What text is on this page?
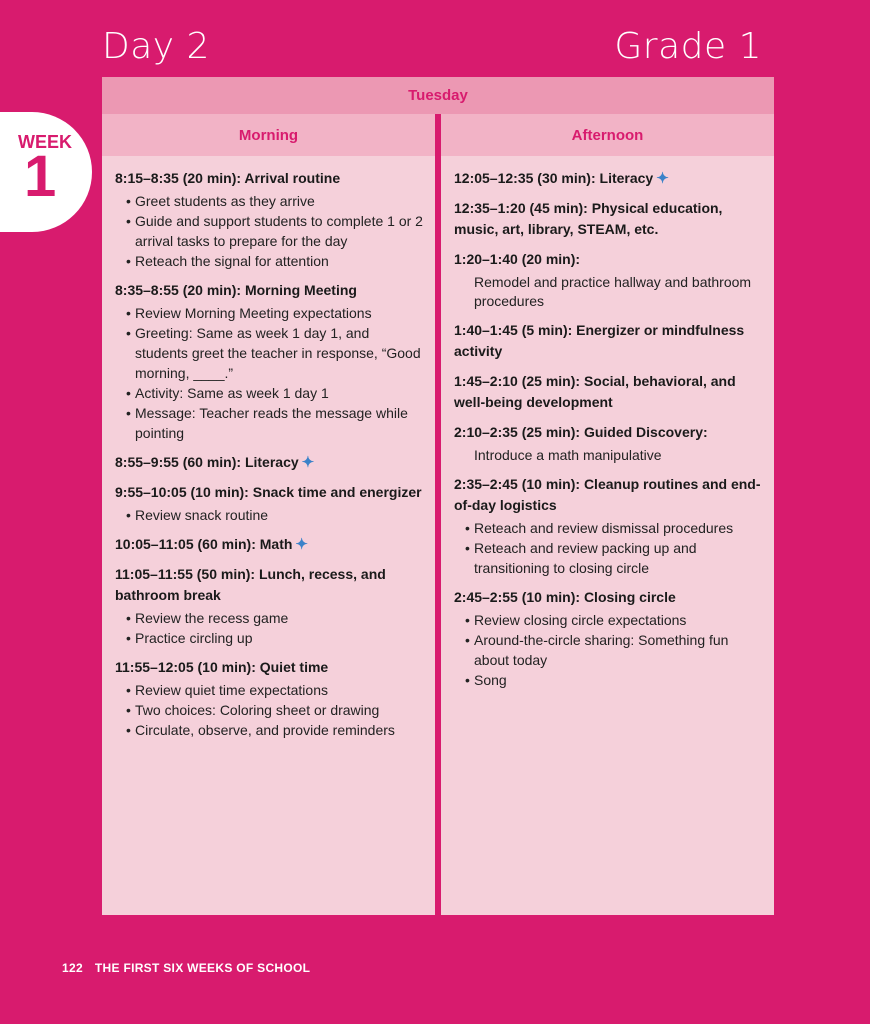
Day 2	Grade 1
WEEK
1
Tuesday
Morning
8:15–8:35 (20 min): Arrival routine
• Greet students as they arrive
• Guide and support students to complete 1 or 2 arrival tasks to prepare for the day
• Reteach the signal for attention
8:35–8:55 (20 min): Morning Meeting
• Review Morning Meeting expectations
• Greeting: Same as week 1 day 1, and students greet the teacher in response, “Good morning, ____.”
• Activity: Same as week 1 day 1
• Message: Teacher reads the message while pointing
8:55–9:55 (60 min): Literacy ✦
9:55–10:05 (10 min): Snack time and energizer
• Review snack routine
10:05–11:05 (60 min): Math ✦
11:05–11:55 (50 min): Lunch, recess, and bathroom break
• Review the recess game
• Practice circling up
11:55–12:05 (10 min): Quiet time
• Review quiet time expectations
• Two choices: Coloring sheet or drawing
• Circulate, observe, and provide reminders
Afternoon
12:05–12:35 (30 min): Literacy ✦
12:35–1:20 (45 min): Physical education, music, art, library, STEAM, etc.
1:20–1:40 (20 min):
Remodel and practice hallway and bathroom procedures
1:40–1:45 (5 min): Energizer or mindfulness activity
1:45–2:10 (25 min): Social, behavioral, and well-being development
2:10–2:35 (25 min): Guided Discovery:
Introduce a math manipulative
2:35–2:45 (10 min): Cleanup routines and end-of-day logistics
• Reteach and review dismissal procedures
• Reteach and review packing up and transitioning to closing circle
2:45–2:55 (10 min): Closing circle
• Review closing circle expectations
• Around-the-circle sharing: Something fun about today
• Song
122 THE FIRST SIX WEEKS OF SCHOOL
